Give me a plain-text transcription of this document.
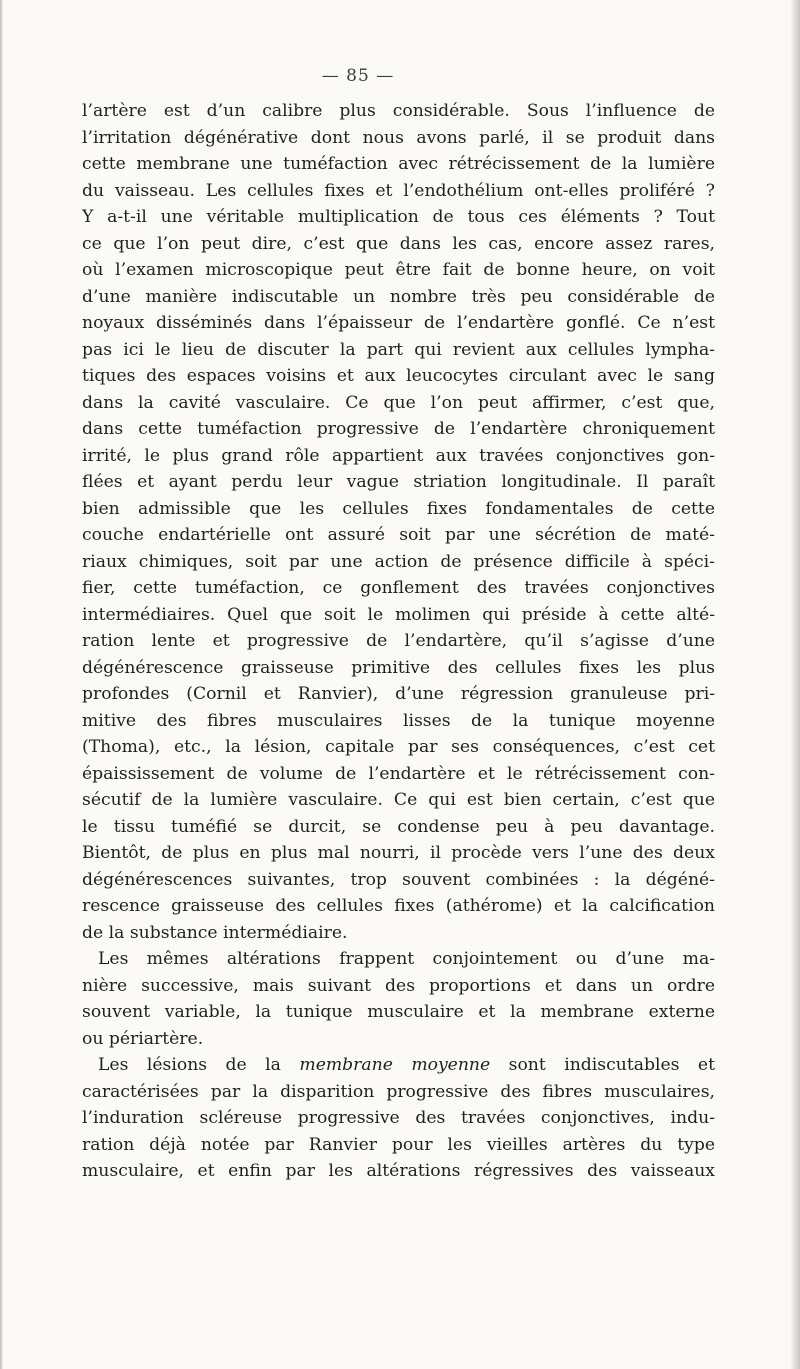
— 85 —
l’artère est d’un calibre plus considérable. Sous l’influence de
l’irritation dégénérative dont nous avons parlé, il se produit dans
cette membrane une tuméfaction avec rétrécissement de la lumière
du vaisseau. Les cellules fixes et l’endothélium ont-elles proliféré ?
Y a-t-il une véritable multiplication de tous ces éléments ? Tout
ce que l’on peut dire, c’est que dans les cas, encore assez rares,
où l’examen microscopique peut être fait de bonne heure, on voit
d’une manière indiscutable un nombre très peu considérable de
noyaux disséminés dans l’épaisseur de l’endartère gonflé. Ce n’est
pas ici le lieu de discuter la part qui revient aux cellules lympha-
tiques des espaces voisins et aux leucocytes circulant avec le sang
dans la cavité vasculaire. Ce que l’on peut affirmer, c’est que,
dans cette tuméfaction progressive de l’endartère chroniquement
irrité, le plus grand rôle appartient aux travées conjonctives gon-
flées et ayant perdu leur vague striation longitudinale. Il paraît
bien admissible que les cellules fixes fondamentales de cette
couche endartérielle ont assuré soit par une sécrétion de maté-
riaux chimiques, soit par une action de présence difficile à spéci-
fier, cette tuméfaction, ce gonflement des travées conjonctives
intermédiaires. Quel que soit le molimen qui préside à cette alté-
ration lente et progressive de l’endartère, qu’il s’agisse d’une
dégénérescence graisseuse primitive des cellules fixes les plus
profondes (Cornil et Ranvier), d’une régression granuleuse pri-
mitive des fibres musculaires lisses de la tunique moyenne
(Thoma), etc., la lésion, capitale par ses conséquences, c’est cet
épaississement de volume de l’endartère et le rétrécissement con-
sécutif de la lumière vasculaire. Ce qui est bien certain, c’est que
le tissu tuméfié se durcit, se condense peu à peu davantage.
Bientôt, de plus en plus mal nourri, il procède vers l’une des deux
dégénérescences suivantes, trop souvent combinées : la dégéné-
rescence graisseuse des cellules fixes (athérome) et la calcification
de la substance intermédiaire.
Les mêmes altérations frappent conjointement ou d’une ma-
nière successive, mais suivant des proportions et dans un ordre
souvent variable, la tunique musculaire et la membrane externe
ou périartère.
Les lésions de la membrane moyenne sont indiscutables et
caractérisées par la disparition progressive des fibres musculaires,
l’induration scléreuse progressive des travées conjonctives, indu-
ration déjà notée par Ranvier pour les vieilles artères du type
musculaire, et enfin par les altérations régressives des vaisseaux
